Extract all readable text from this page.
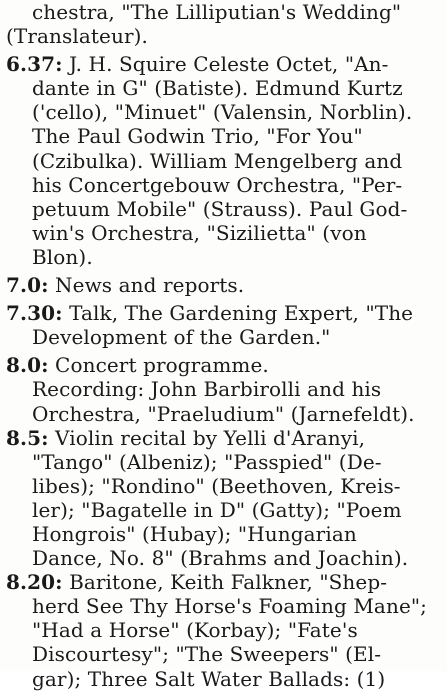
chestra, "The Lilliputian's Wedding"
(Translateur).
6.37: J. H. Squire Celeste Octet, "An-
dante in G" (Batiste). Edmund Kurtz
('cello), "Minuet" (Valensin, Norblin).
The Paul Godwin Trio, "For You"
(Czibulka). William Mengelberg and
his Concertgebouw Orchestra, "Per-
petuum Mobile" (Strauss). Paul God-
win's Orchestra, "Sizilietta" (von
Blon).
7.0: News and reports.
7.30: Talk, The Gardening Expert, "The
Development of the Garden."
8.0: Concert programme.
Recording: John Barbirolli and his
Orchestra, "Praeludium" (Jarnefeldt).
8.5: Violin recital by Yelli d'Aranyi,
"Tango" (Albeniz); "Passpied" (De-
libes); "Rondino" (Beethoven, Kreis-
ler); "Bagatelle in D" (Gatty); "Poem
Hongrois" (Hubay); "Hungarian
Dance, No. 8" (Brahms and Joachin).
8.20: Baritone, Keith Falkner, "Shep-
herd See Thy Horse's Foaming Mane";
"Had a Horse" (Korbay); "Fate's
Discourtesy"; "The Sweepers" (El-
gar); Three Salt Water Ballads: (1)
